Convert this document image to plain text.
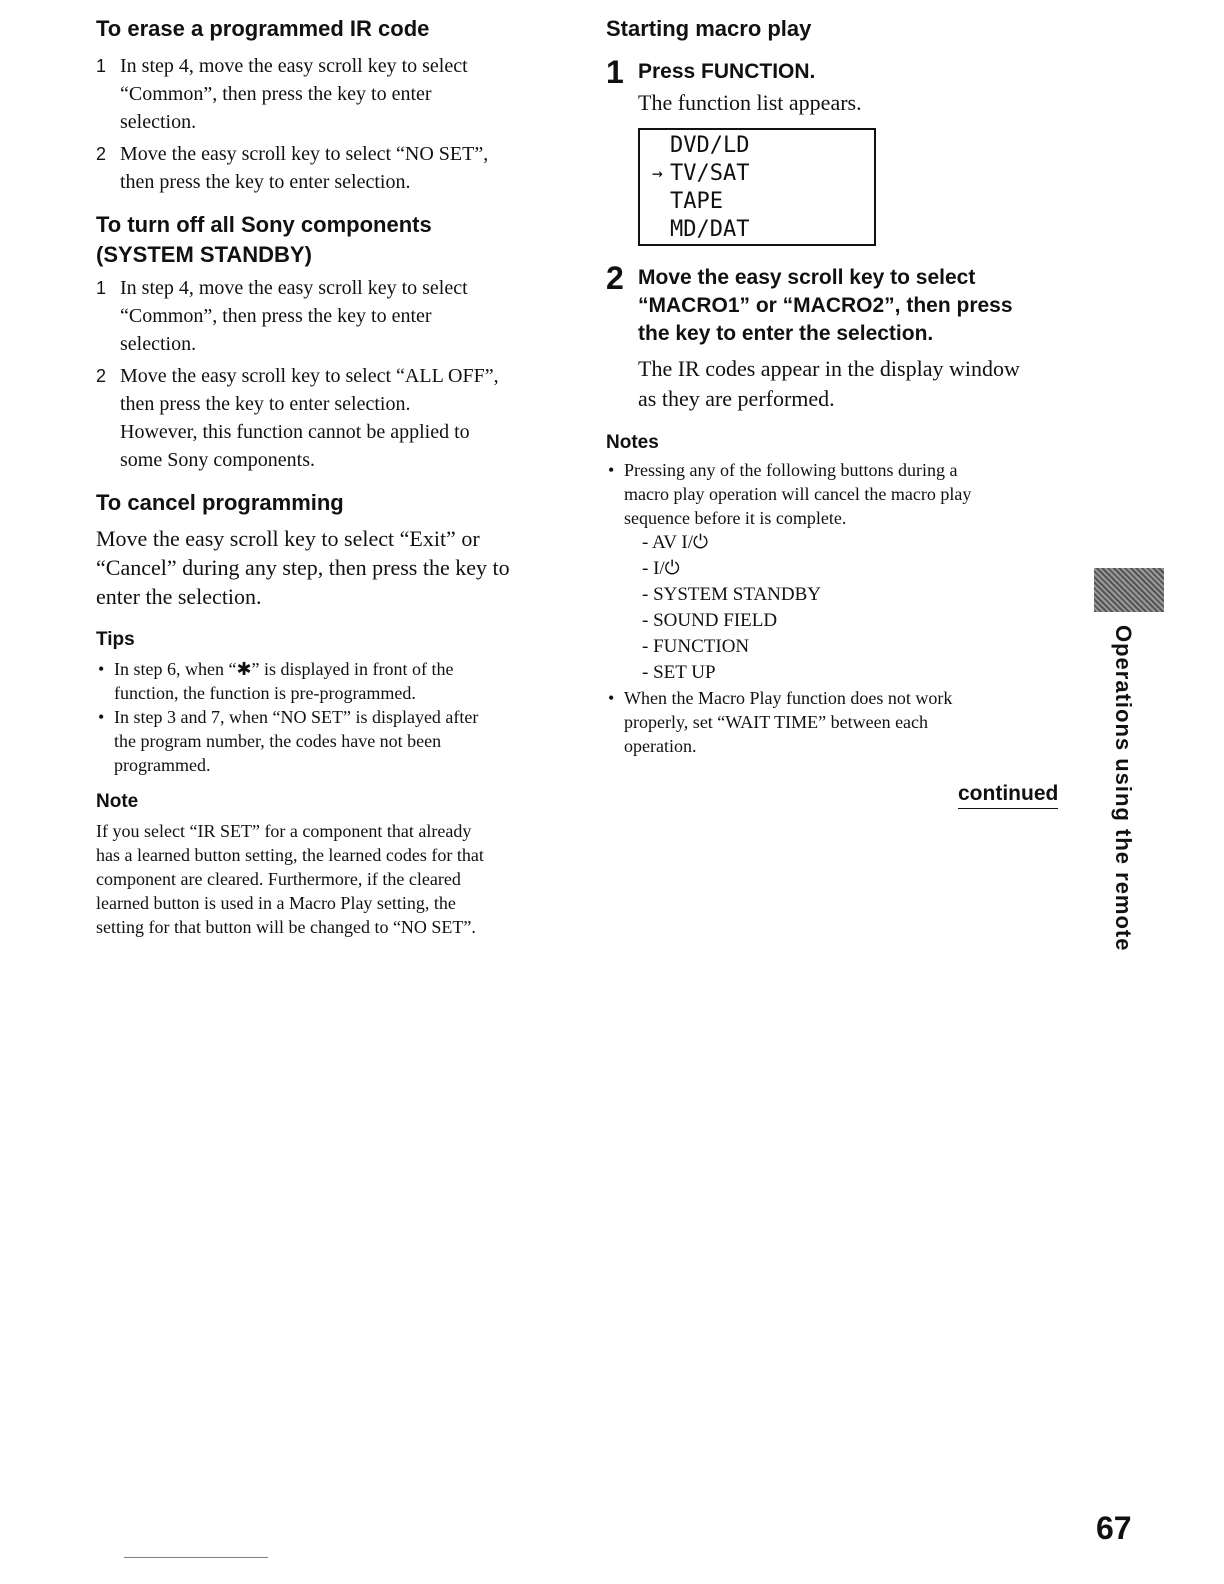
To erase a programmed IR code

1 In step 4, move the easy scroll key to select
“Common”, then press the key to enter
selection.

2 Move the easy scroll key to select “NO SET”,
then press the key to enter selection.

To turn off all Sony components
(SYSTEM STANDBY)

1 In step 4, move the easy scroll key to select
“Common”, then press the key to enter
selection.

2 Move the easy scroll key to select “ALL OFF”,
then press the key to enter selection.
However, this function cannot be applied to
some Sony components.

To cancel programming

Move the easy scroll key to select “Exit” or
“Cancel” during any step, then press the key to
enter the selection.

Tips
• In step 6, when “✱” is displayed in front of the
function, the function is pre-programmed.
• In step 3 and 7, when “NO SET” is displayed after
the program number, the codes have not been
programmed.
Note

If you select “IR SET” for a component that already
has a learned button setting, the learned codes for that
component are cleared. Furthermore, if the cleared
learned button is used in a Macro Play setting, the
setting for that button will be changed to “NO SET”.

Starting macro play
1 Press FUNCTION.

The function list appears.

DVD/LD
→ TV/SAT
TAPE
MD/DAT
2 Move the easy scroll key to select
“MACRO1” or “MACRO2”, then press
the key to enter the selection.

The IR codes appear in the display window
as they are performed.

Notes
• Pressing any of the following buttons during a
macro play operation will cancel the macro play
sequence before it is complete.
- AV I/⏻
- I/⏻
- SYSTEM STANDBY
- SOUND FIELD
- FUNCTION
- SET UP
• When the Macro Play function does not work
properly, set “WAIT TIME” between each
operation.
continued Operations using the remote
67
